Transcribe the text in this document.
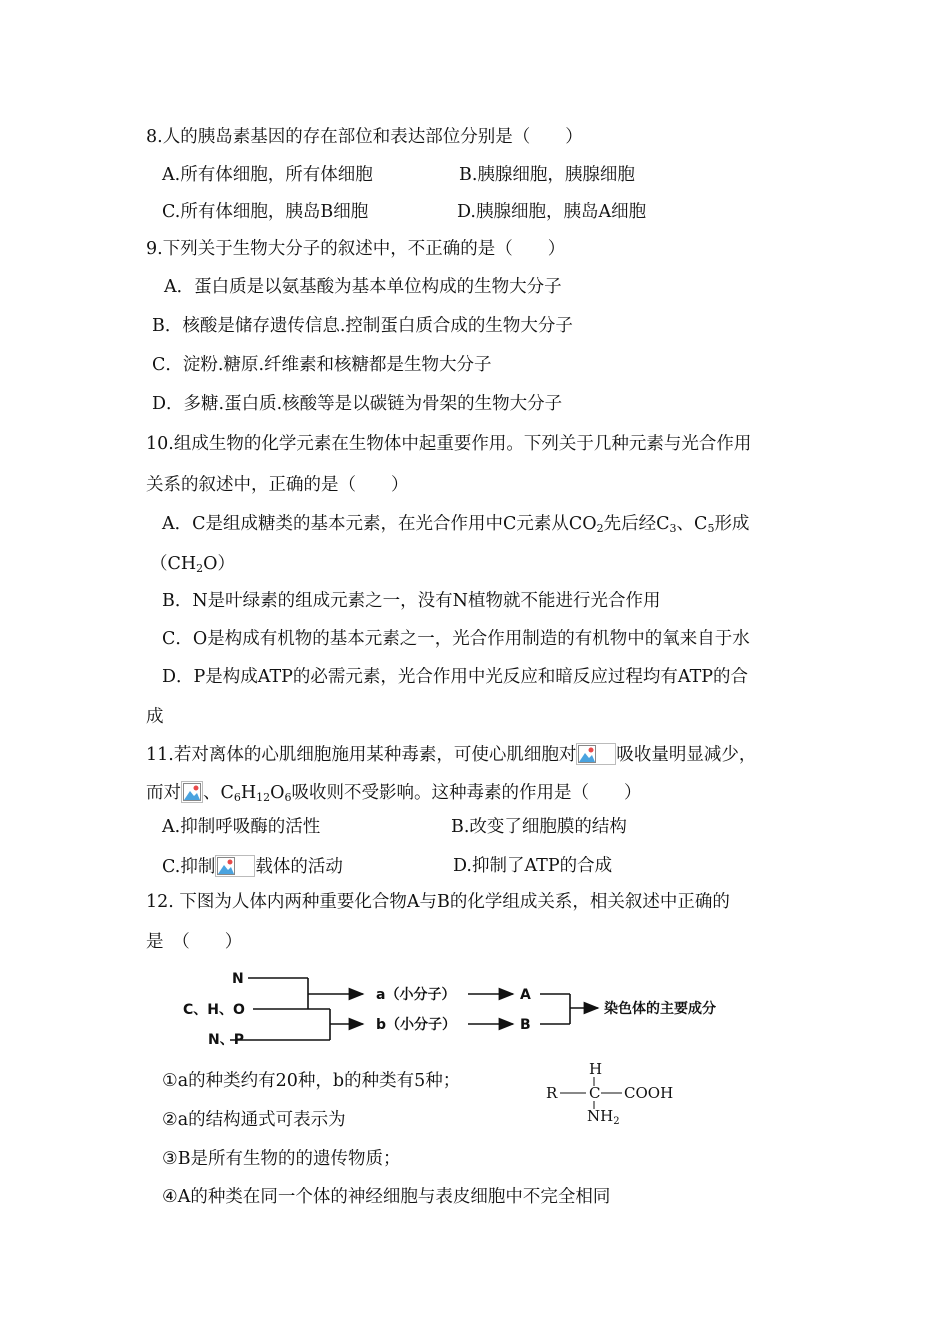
8.人的胰岛素基因的存在部位和表达部位分别是（　　）
A.所有体细胞，所有体细胞	B.胰腺细胞，胰腺细胞
C.所有体细胞，胰岛B细胞	D.胰腺细胞，胰岛A细胞
9.下列关于生物大分子的叙述中，不正确的是（　　）
A．蛋白质是以氨基酸为基本单位构成的生物大分子
B．核酸是储存遗传信息.控制蛋白质合成的生物大分子
C．淀粉.糖原.纤维素和核糖都是生物大分子
D．多糖.蛋白质.核酸等是以碳链为骨架的生物大分子
10.组成生物的化学元素在生物体中起重要作用。下列关于几种元素与光合作用
关系的叙述中，正确的是（　　）
A．C是组成糖类的基本元素，在光合作用中C元素从$CO_2$先后经$C_3$、$C_5$形成
$(CH_2O)$
B．N是叶绿素的组成元素之一，没有N植物就不能进行光合作用
C．O是构成有机物的基本元素之一，光合作用制造的有机物中的氧来自于水
D．P是构成ATP的必需元素，光合作用中光反应和暗反应过程均有ATP的合
成
11.若对离体的心肌细胞施用某种毒素，可使心肌细胞对 吸收量明显减少，
而对 、$C_6H_{12}O_6$吸收则不受影响。这种毒素的作用是（　　）
A.抑制呼吸酶的活性	B.改变了细胞膜的结构
C.抑制 载体的活动	D.抑制了ATP的合成
12. 下图为人体内两种重要化合物A与B的化学组成关系，相关叙述中正确的
是　（　　）
N
C、H、O
N、P
a（小分子）
b（小分子）
A
B
染色体的主要成分
H
R C COOH
$NH_2$
①a的种类约有20种，b的种类有5种；
②a的结构通式可表示为
③B是所有生物的的遗传物质；
④A的种类在同一个体的神经细胞与表皮细胞中不完全相同
